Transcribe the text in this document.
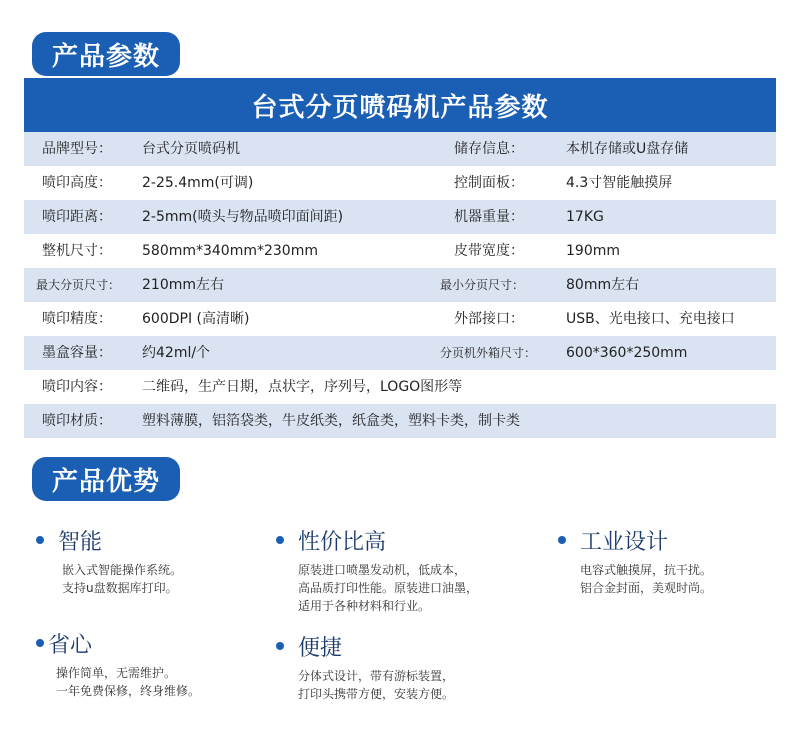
产品参数
台式分页喷码机产品参数
品牌型号： 台式分页喷码机	储存信息：	本机存储或U盘存储
喷印高度： 2-25.4mm(可调)	控制面板：	4.3寸智能触摸屏
喷印距离： 2-5mm(喷头与物品喷印面间距)	机器重量：	17KG
整机尺寸： 580mm*340mm*230mm	皮带宽度：	190mm
最大分页尺寸： 210mm左右	最小分页尺寸：	80mm左右
喷印精度： 600DPI (高清晰)	外部接口：	USB、光电接口、充电接口
墨盒容量： 约42ml/个	分页机外箱尺寸： 600*360*250mm
喷印内容： 二维码，生产日期，点状字，序列号，LOGO图形等
喷印材质： 塑料薄膜，铝箔袋类，牛皮纸类，纸盒类，塑料卡类，制卡类
产品优势
智能
嵌入式智能操作系统。
支持u盘数据库打印。
性价比高
原装进口喷墨发动机，低成本，
高品质打印性能。原装进口油墨，
适用于各种材料和行业。
工业设计
电容式触摸屏，抗干扰。
铝合金封面，美观时尚。
省心
操作简单，无需维护。
一年免费保修，终身维修。
便捷
分体式设计，带有游标装置，
打印头携带方便，安装方便。
